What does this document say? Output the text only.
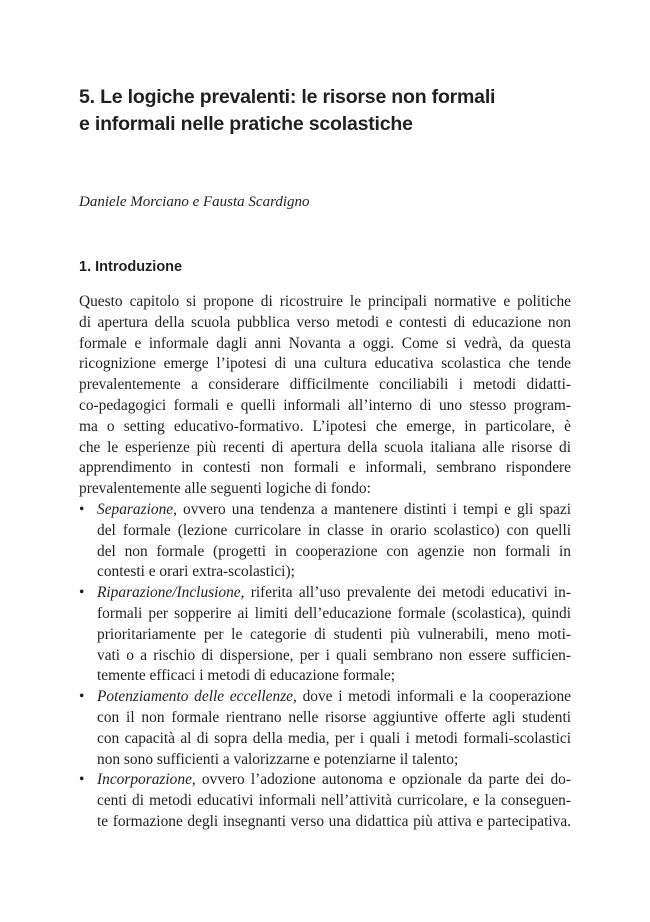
5. Le logiche prevalenti: le risorse non formali
e informali nelle pratiche scolastiche

Daniele Morciano e Fausta Scardigno

1. Introduzione
Questo capitolo si propone di ricostruire le principali normative e politiche
di apertura della scuola pubblica verso metodi e contesti di educazione non
formale e informale dagli anni Novanta a oggi. Come si vedrà, da questa
ricognizione emerge l’ipotesi di una cultura educativa scolastica che tende
prevalentemente a considerare difficilmente conciliabili i metodi didatti-
co-pedagogici formali e quelli informali all’interno di uno stesso program-
ma o setting educativo-formativo. L’ipotesi che emerge, in particolare, è
che le esperienze più recenti di apertura della scuola italiana alle risorse di
apprendimento in contesti non formali e informali, sembrano rispondere
prevalentemente alle seguenti logiche di fondo:
• Separazione, ovvero una tendenza a mantenere distinti i tempi e gli spazi
del formale (lezione curricolare in classe in orario scolastico) con quelli
del non formale (progetti in cooperazione con agenzie non formali in
contesti e orari extra-scolastici);
• Riparazione/Inclusione, riferita all’uso prevalente dei metodi educativi in-
formali per sopperire ai limiti dell’educazione formale (scolastica), quindi
prioritariamente per le categorie di studenti più vulnerabili, meno moti-
vati o a rischio di dispersione, per i quali sembrano non essere sufficien-
temente efficaci i metodi di educazione formale;
• Potenziamento delle eccellenze, dove i metodi informali e la cooperazione
con il non formale rientrano nelle risorse aggiuntive offerte agli studenti
con capacità al di sopra della media, per i quali i metodi formali-scolastici
non sono sufficienti a valorizzarne e potenziarne il talento;
• Incorporazione, ovvero l’adozione autonoma e opzionale da parte dei do-
centi di metodi educativi informali nell’attività curricolare, e la conseguen-
te formazione degli insegnanti verso una didattica più attiva e partecipativa.
